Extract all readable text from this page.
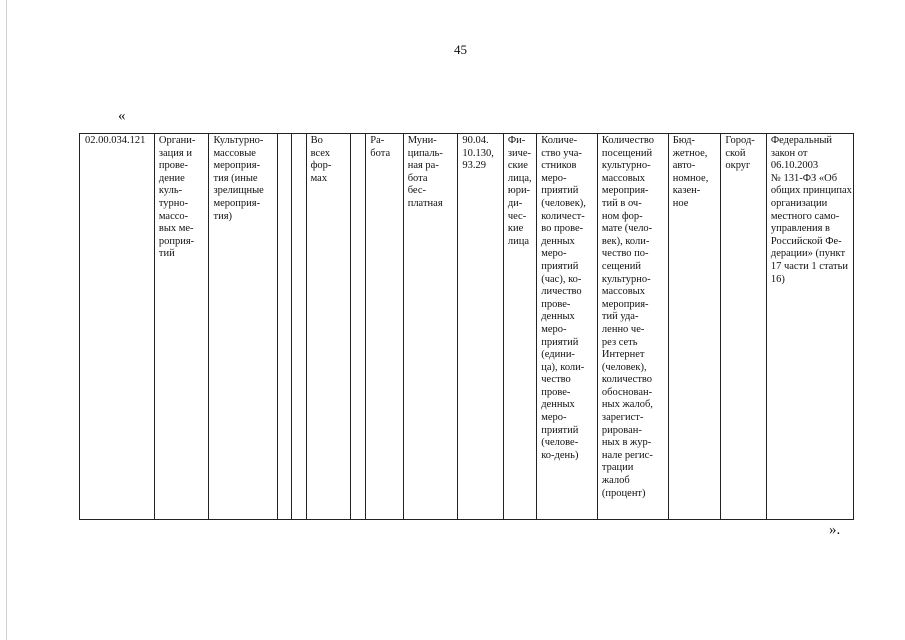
45
«
02.00.034.121	Органи-
зация и
прове-
дение
куль-
турно-
массо-
вых ме-
роприя-
тий	Культурно-
массовые
мероприя-
тия (иные
зрелищные
мероприя-
тия)			Во
всех
фор-
мах		Ра-
бота	Муни-
ципаль-
ная ра-
бота
бес-
платная	90.04.
10.130,
93.29	Фи-
зиче-
ские
лица,
юри-
ди-
чес-
кие
лица	Количе-
ство уча-
стников
меро-
приятий
(человек),
количест-
во прове-
денных
меро-
приятий
(час), ко-
личество
прове-
денных
меро-
приятий
(едини-
ца), коли-
чество
прове-
денных
меро-
приятий
(челове-
ко-день)	Количество
посещений
культурно-
массовых
мероприя-
тий в оч-
ном фор-
мате (чело-
век), коли-
чество по-
сещений
культурно-
массовых
мероприя-
тий уда-
ленно че-
рез сеть
Интернет
(человек),
количество
обоснован-
ных жалоб,
зарегист-
рирован-
ных в жур-
нале регис-
трации
жалоб
(процент)	Бюд-
жетное,
авто-
номное,
казен-
ное	Город-
ской
округ	Федеральный
закон от
06.10.2003
№ 131-ФЗ «Об
общих принципах
организации
местного само-
управления в
Российской Фе-
дерации» (пункт
17 части 1 статьи
16)
».
